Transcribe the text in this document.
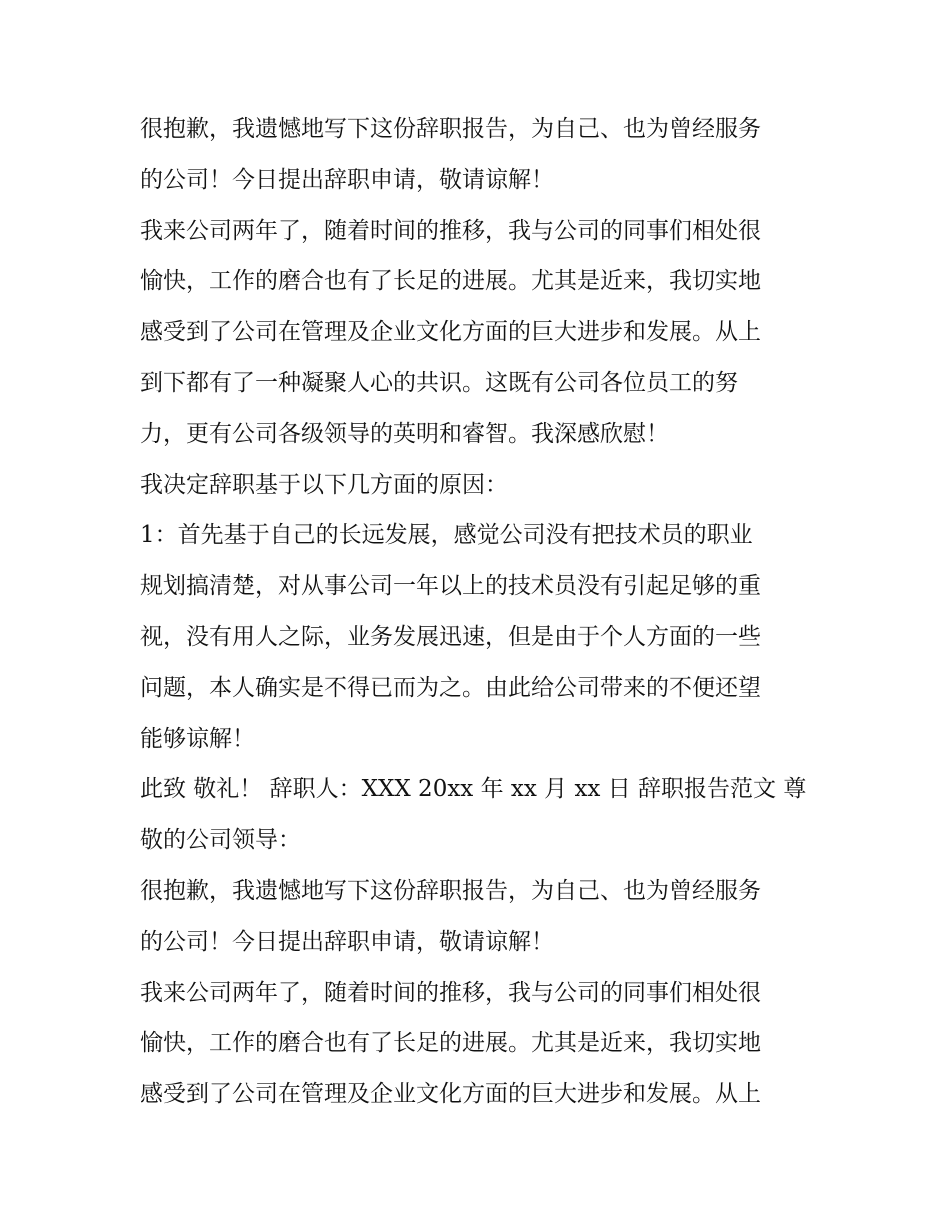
很抱歉，我遗憾地写下这份辞职报告，为自己、也为曾经服务
的公司！今日提出辞职申请，敬请谅解！
我来公司两年了，随着时间的推移，我与公司的同事们相处很
愉快，工作的磨合也有了长足的进展。尤其是近来，我切实地
感受到了公司在管理及企业文化方面的巨大进步和发展。从上
到下都有了一种凝聚人心的共识。这既有公司各位员工的努
力，更有公司各级领导的英明和睿智。我深感欣慰！
我决定辞职基于以下几方面的原因：
1：首先基于自己的长远发展，感觉公司没有把技术员的职业
规划搞清楚，对从事公司一年以上的技术员没有引起足够的重
视，没有用人之际，业务发展迅速，但是由于个人方面的一些
问题，本人确实是不得已而为之。由此给公司带来的不便还望
能够谅解！
此致 敬礼！ 辞职人：XXX 20xx 年 xx 月 xx 日 辞职报告范文 尊
敬的公司领导：
很抱歉，我遗憾地写下这份辞职报告，为自己、也为曾经服务
的公司！今日提出辞职申请，敬请谅解！
我来公司两年了，随着时间的推移，我与公司的同事们相处很
愉快，工作的磨合也有了长足的进展。尤其是近来，我切实地
感受到了公司在管理及企业文化方面的巨大进步和发展。从上
